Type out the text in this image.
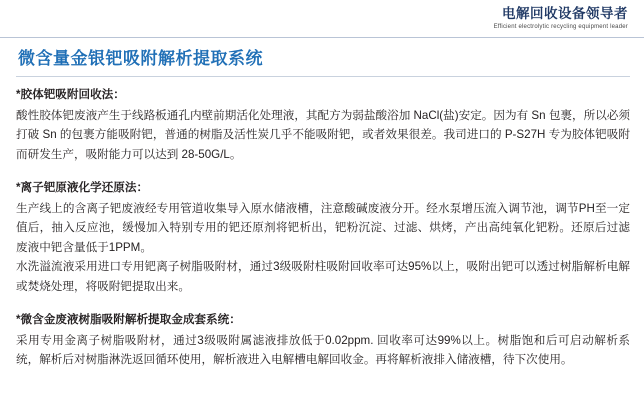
电解回收设备领导者
Efficient electrolytic recycling equipment leader
微含量金银钯吸附解析提取系统
*胶体钯吸附回收法：
酸性胶体钯废液产生于线路板通孔内壁前期活化处理液，其配方为弱盐酸浴加 NaCl(盐)安定。因为有 Sn 包裹，所以必须打破 Sn 的包裹方能吸附钯，普通的树脂及活性炭几乎不能吸附钯，或者效果很差。我司进口的 P-S27H 专为胶体钯吸附而研发生产，吸附能力可以达到 28-50G/L。
*离子钯原液化学还原法：
生产线上的含离子钯废液经专用管道收集导入原水储液槽，注意酸碱废液分开。经水泵增压流入调节池，调节PH至一定值后，抽入反应池，缓慢加入特别专用的钯还原剂将钯析出，钯粉沉淀、过滤、烘烤，产出高纯氧化钯粉。还原后过滤废液中钯含量低于1PPM。
水洗溢流液采用进口专用钯离子树脂吸附材，通过3级吸附柱吸附回收率可达95%以上，吸附出钯可以透过树脂解析电解或焚烧处理，将吸附钯提取出来。
*微含金废液树脂吸附解析提取金成套系统：
采用专用金离子树脂吸附材，通过3级吸附属滤液排放低于0.02ppm. 回收率可达99%以上。树脂饱和后可启动解析系统，解析后对树脂淋洗返回循环使用，解析液进入电解槽电解回收金。再将解析液排入储液槽，待下次使用。
